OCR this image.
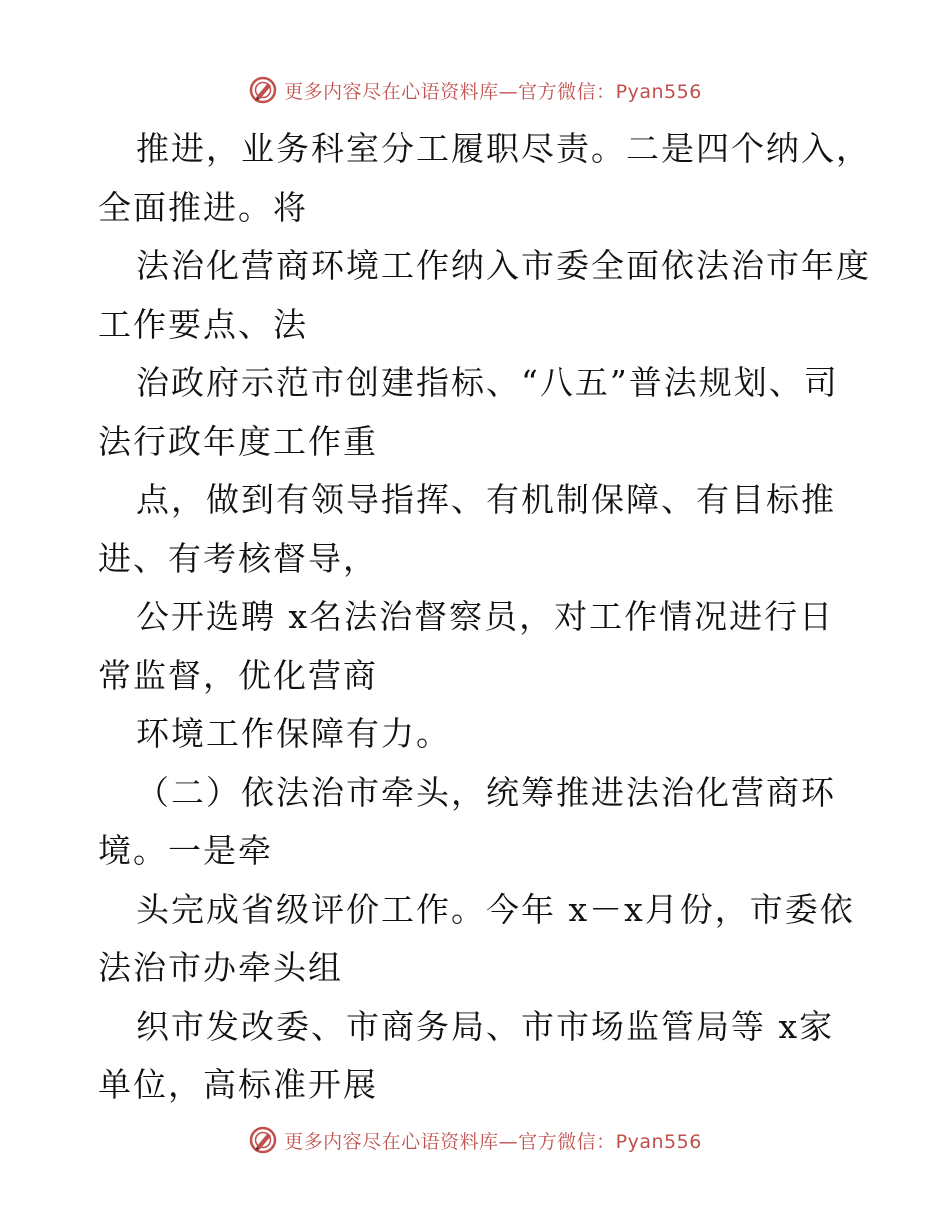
更多内容尽在心语资料库—官方微信：Pyan556
推进，业务科室分工履职尽责。二是四个纳入，
全面推进。将
法治化营商环境工作纳入市委全面依法治市年度
工作要点、法
治政府示范市创建指标、“八五”普法规划、司
法行政年度工作重
点，做到有领导指挥、有机制保障、有目标推
进、有考核督导，
公开选聘 x名法治督察员，对工作情况进行日
常监督，优化营商
环境工作保障有力。
（二）依法治市牵头，统筹推进法治化营商环
境。一是牵
头完成省级评价工作。今年 x－x月份，市委依
法治市办牵头组
织市发改委、市商务局、市市场监管局等 x家
单位，高标准开展
更多内容尽在心语资料库—官方微信：Pyan556
